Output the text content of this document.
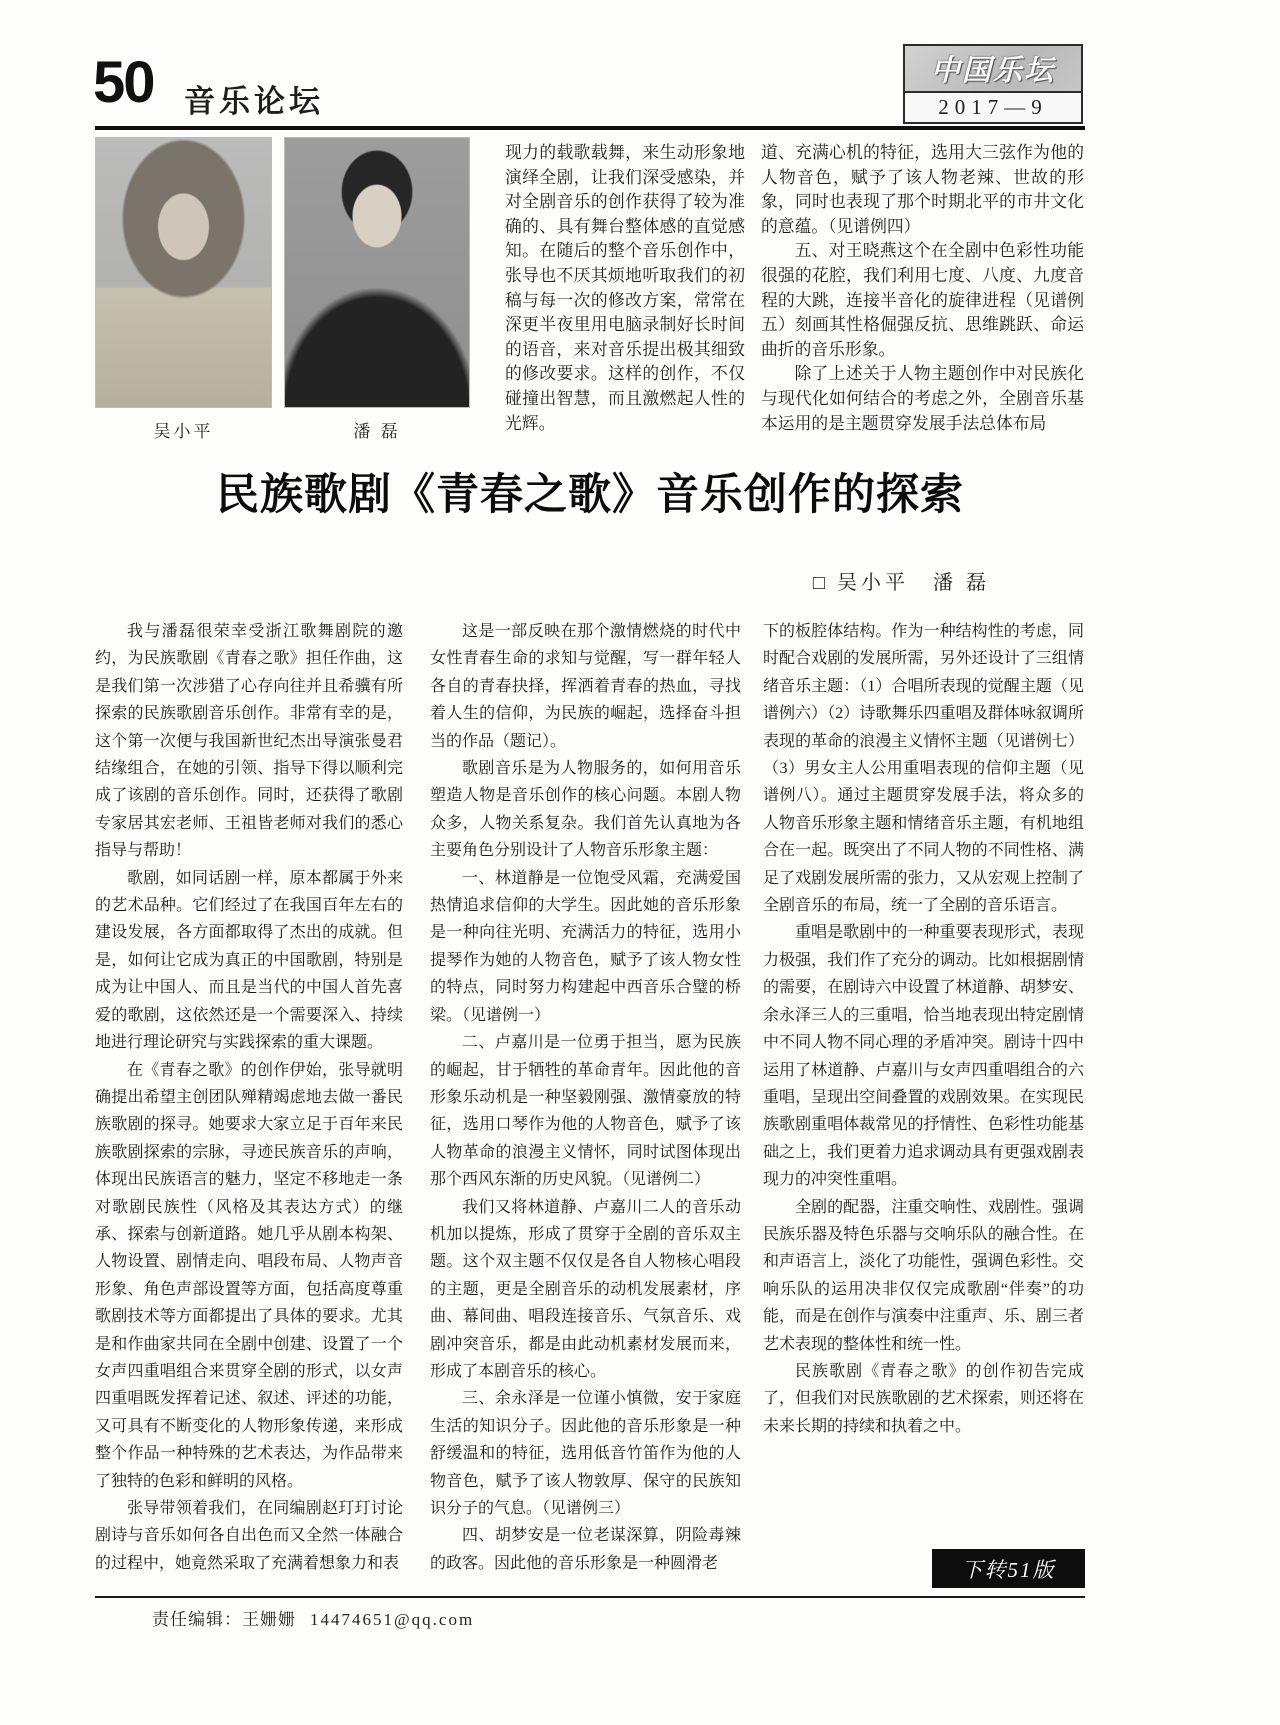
50 音乐论坛
中国乐坛
2017—9
吴小平	潘 磊

现力的载歌载舞，来生动形象地演绎全剧，让我们深受感染，并对全剧音乐的创作获得了较为准确的、具有舞台整体感的直觉感知。在随后的整个音乐创作中，张导也不厌其烦地听取我们的初稿与每一次的修改方案，常常在深更半夜里用电脑录制好长时间的语音，来对音乐提出极其细致的修改要求。这样的创作，不仅碰撞出智慧，而且激燃起人性的光辉。

道、充满心机的特征，选用大三弦作为他的人物音色，赋予了该人物老辣、世故的形象，同时也表现了那个时期北平的市井文化的意蕴。（见谱例四）

五、对王晓燕这个在全剧中色彩性功能很强的花腔，我们利用七度、八度、九度音程的大跳，连接半音化的旋律进程（见谱例五）刻画其性格倔强反抗、思维跳跃、命运曲折的音乐形象。

除了上述关于人物主题创作中对民族化与现代化如何结合的考虑之外，全剧音乐基本运用的是主题贯穿发展手法总体布局

民族歌剧《青春之歌》音乐创作的探索
□ 吴小平　潘 磊

我与潘磊很荣幸受浙江歌舞剧院的邀约，为民族歌剧《青春之歌》担任作曲，这是我们第一次涉猎了心存向往并且希骥有所探索的民族歌剧音乐创作。非常有幸的是，这个第一次便与我国新世纪杰出导演张曼君结缘组合，在她的引领、指导下得以顺利完成了该剧的音乐创作。同时，还获得了歌剧专家居其宏老师、王祖皆老师对我们的悉心指导与帮助！

歌剧，如同话剧一样，原本都属于外来的艺术品种。它们经过了在我国百年左右的建设发展，各方面都取得了杰出的成就。但是，如何让它成为真正的中国歌剧，特别是成为让中国人、而且是当代的中国人首先喜爱的歌剧，这依然还是一个需要深入、持续地进行理论研究与实践探索的重大课题。

在《青春之歌》的创作伊始，张导就明确提出希望主创团队殚精竭虑地去做一番民族歌剧的探寻。她要求大家立足于百年来民族歌剧探索的宗脉，寻迹民族音乐的声响，体现出民族语言的魅力，坚定不移地走一条对歌剧民族性（风格及其表达方式）的继承、探索与创新道路。她几乎从剧本构架、人物设置、剧情走向、唱段布局、人物声音形象、角色声部设置等方面，包括高度尊重歌剧技术等方面都提出了具体的要求。尤其是和作曲家共同在全剧中创建、设置了一个女声四重唱组合来贯穿全剧的形式，以女声四重唱既发挥着记述、叙述、评述的功能，又可具有不断变化的人物形象传递，来形成整个作品一种特殊的艺术表达，为作品带来了独特的色彩和鲜明的风格。

张导带领着我们，在同编剧赵玎玎讨论剧诗与音乐如何各自出色而又全然一体融合的过程中，她竟然采取了充满着想象力和表

这是一部反映在那个激情燃烧的时代中女性青春生命的求知与觉醒，写一群年轻人各自的青春抉择，挥洒着青春的热血，寻找着人生的信仰，为民族的崛起，选择奋斗担当的作品（题记）。

歌剧音乐是为人物服务的，如何用音乐塑造人物是音乐创作的核心问题。本剧人物众多，人物关系复杂。我们首先认真地为各主要角色分别设计了人物音乐形象主题：

一、林道静是一位饱受风霜，充满爱国热情追求信仰的大学生。因此她的音乐形象是一种向往光明、充满活力的特征，选用小提琴作为她的人物音色，赋予了该人物女性的特点，同时努力构建起中西音乐合璧的桥梁。（见谱例一）

二、卢嘉川是一位勇于担当，愿为民族的崛起，甘于牺牲的革命青年。因此他的音形象乐动机是一种坚毅刚强、激情豪放的特征，选用口琴作为他的人物音色，赋予了该人物革命的浪漫主义情怀，同时试图体现出那个西风东渐的历史风貌。（见谱例二）

我们又将林道静、卢嘉川二人的音乐动机加以提炼，形成了贯穿于全剧的音乐双主题。这个双主题不仅仅是各自人物核心唱段的主题，更是全剧音乐的动机发展素材，序曲、幕间曲、唱段连接音乐、气氛音乐、戏剧冲突音乐，都是由此动机素材发展而来，形成了本剧音乐的核心。

三、余永泽是一位谨小慎微，安于家庭生活的知识分子。因此他的音乐形象是一种舒缓温和的特征，选用低音竹笛作为他的人物音色，赋予了该人物敦厚、保守的民族知识分子的气息。（见谱例三）

四、胡梦安是一位老谋深算，阴险毒辣的政客。因此他的音乐形象是一种圆滑老

下的板腔体结构。作为一种结构性的考虑，同时配合戏剧的发展所需，另外还设计了三组情绪音乐主题：（1）合唱所表现的觉醒主题（见谱例六）（2）诗歌舞乐四重唱及群体咏叙调所表现的革命的浪漫主义情怀主题（见谱例七）（3）男女主人公用重唱表现的信仰主题（见谱例八）。通过主题贯穿发展手法，将众多的人物音乐形象主题和情绪音乐主题，有机地组合在一起。既突出了不同人物的不同性格、满足了戏剧发展所需的张力，又从宏观上控制了全剧音乐的布局，统一了全剧的音乐语言。

重唱是歌剧中的一种重要表现形式，表现力极强，我们作了充分的调动。比如根据剧情的需要，在剧诗六中设置了林道静、胡梦安、余永泽三人的三重唱，恰当地表现出特定剧情中不同人物不同心理的矛盾冲突。剧诗十四中运用了林道静、卢嘉川与女声四重唱组合的六重唱，呈现出空间叠置的戏剧效果。在实现民族歌剧重唱体裁常见的抒情性、色彩性功能基础之上，我们更着力追求调动具有更强戏剧表现力的冲突性重唱。

全剧的配器，注重交响性、戏剧性。强调民族乐器及特色乐器与交响乐队的融合性。在和声语言上，淡化了功能性，强调色彩性。交响乐队的运用决非仅仅完成歌剧“伴奏”的功能，而是在创作与演奏中注重声、乐、剧三者艺术表现的整体性和统一性。

民族歌剧《青春之歌》的创作初告完成了，但我们对民族歌剧的艺术探索，则还将在未来长期的持续和执着之中。

下转51版
责任编辑：王姗姗 14474651@qq.com
